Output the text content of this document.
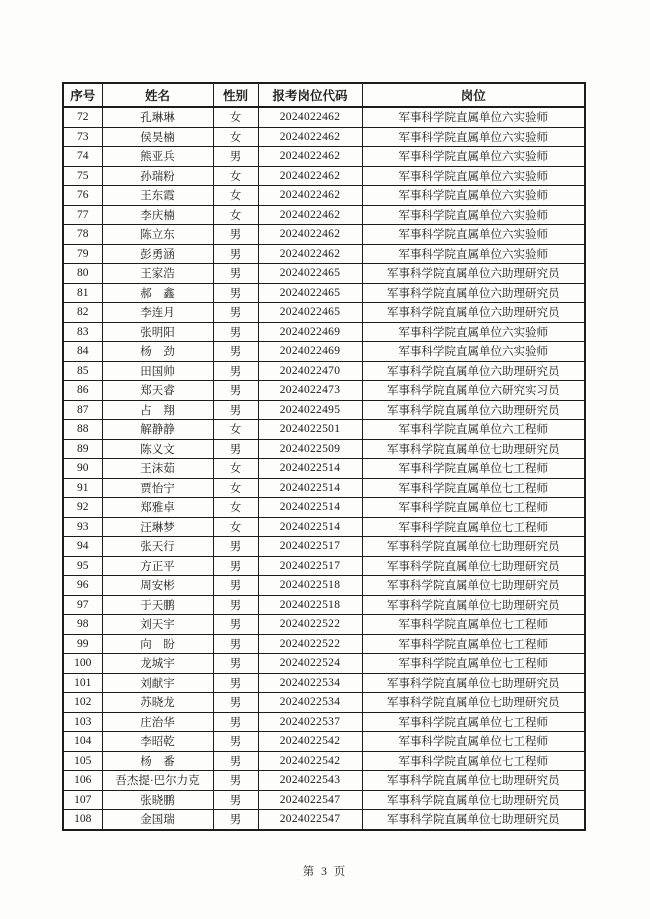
序号	姓名	性别	报考岗位代码	岗位
72	孔琳琳	女	2024022462	军事科学院直属单位六实验师
73	侯昊楠	女	2024022462	军事科学院直属单位六实验师
74	熊亚兵	男	2024022462	军事科学院直属单位六实验师
75	孙瑞粉	女	2024022462	军事科学院直属单位六实验师
76	王东霞	女	2024022462	军事科学院直属单位六实验师
77	李庆楠	女	2024022462	军事科学院直属单位六实验师
78	陈立东	男	2024022462	军事科学院直属单位六实验师
79	彭勇涵	男	2024022462	军事科学院直属单位六实验师
80	王家浩	男	2024022465	军事科学院直属单位六助理研究员
81	郝　鑫	男	2024022465	军事科学院直属单位六助理研究员
82	李连月	男	2024022465	军事科学院直属单位六助理研究员
83	张明阳	男	2024022469	军事科学院直属单位六实验师
84	杨　劲	男	2024022469	军事科学院直属单位六实验师
85	田国帅	男	2024022470	军事科学院直属单位六助理研究员
86	郑天睿	男	2024022473	军事科学院直属单位六研究实习员
87	占　翔	男	2024022495	军事科学院直属单位六助理研究员
88	解静静	女	2024022501	军事科学院直属单位六工程师
89	陈义文	男	2024022509	军事科学院直属单位七助理研究员
90	王沫茹	女	2024022514	军事科学院直属单位七工程师
91	贾怡宁	女	2024022514	军事科学院直属单位七工程师
92	郑雅卓	女	2024022514	军事科学院直属单位七工程师
93	汪琳梦	女	2024022514	军事科学院直属单位七工程师
94	张天行	男	2024022517	军事科学院直属单位七助理研究员
95	方正平	男	2024022517	军事科学院直属单位七助理研究员
96	周安彬	男	2024022518	军事科学院直属单位七助理研究员
97	于天鹏	男	2024022518	军事科学院直属单位七助理研究员
98	刘天宇	男	2024022522	军事科学院直属单位七工程师
99	向　盼	男	2024022522	军事科学院直属单位七工程师
100	龙城宇	男	2024022524	军事科学院直属单位七工程师
101	刘献宇	男	2024022534	军事科学院直属单位七助理研究员
102	苏晓龙	男	2024022534	军事科学院直属单位七助理研究员
103	庄治华	男	2024022537	军事科学院直属单位七工程师
104	李昭乾	男	2024022542	军事科学院直属单位七工程师
105	杨　番	男	2024022542	军事科学院直属单位七工程师
106	吾杰提·巴尔力克	男	2024022543	军事科学院直属单位七助理研究员
107	张晓鹏	男	2024022547	军事科学院直属单位七助理研究员
108	金国瑞	男	2024022547	军事科学院直属单位七助理研究员
第 3 页
